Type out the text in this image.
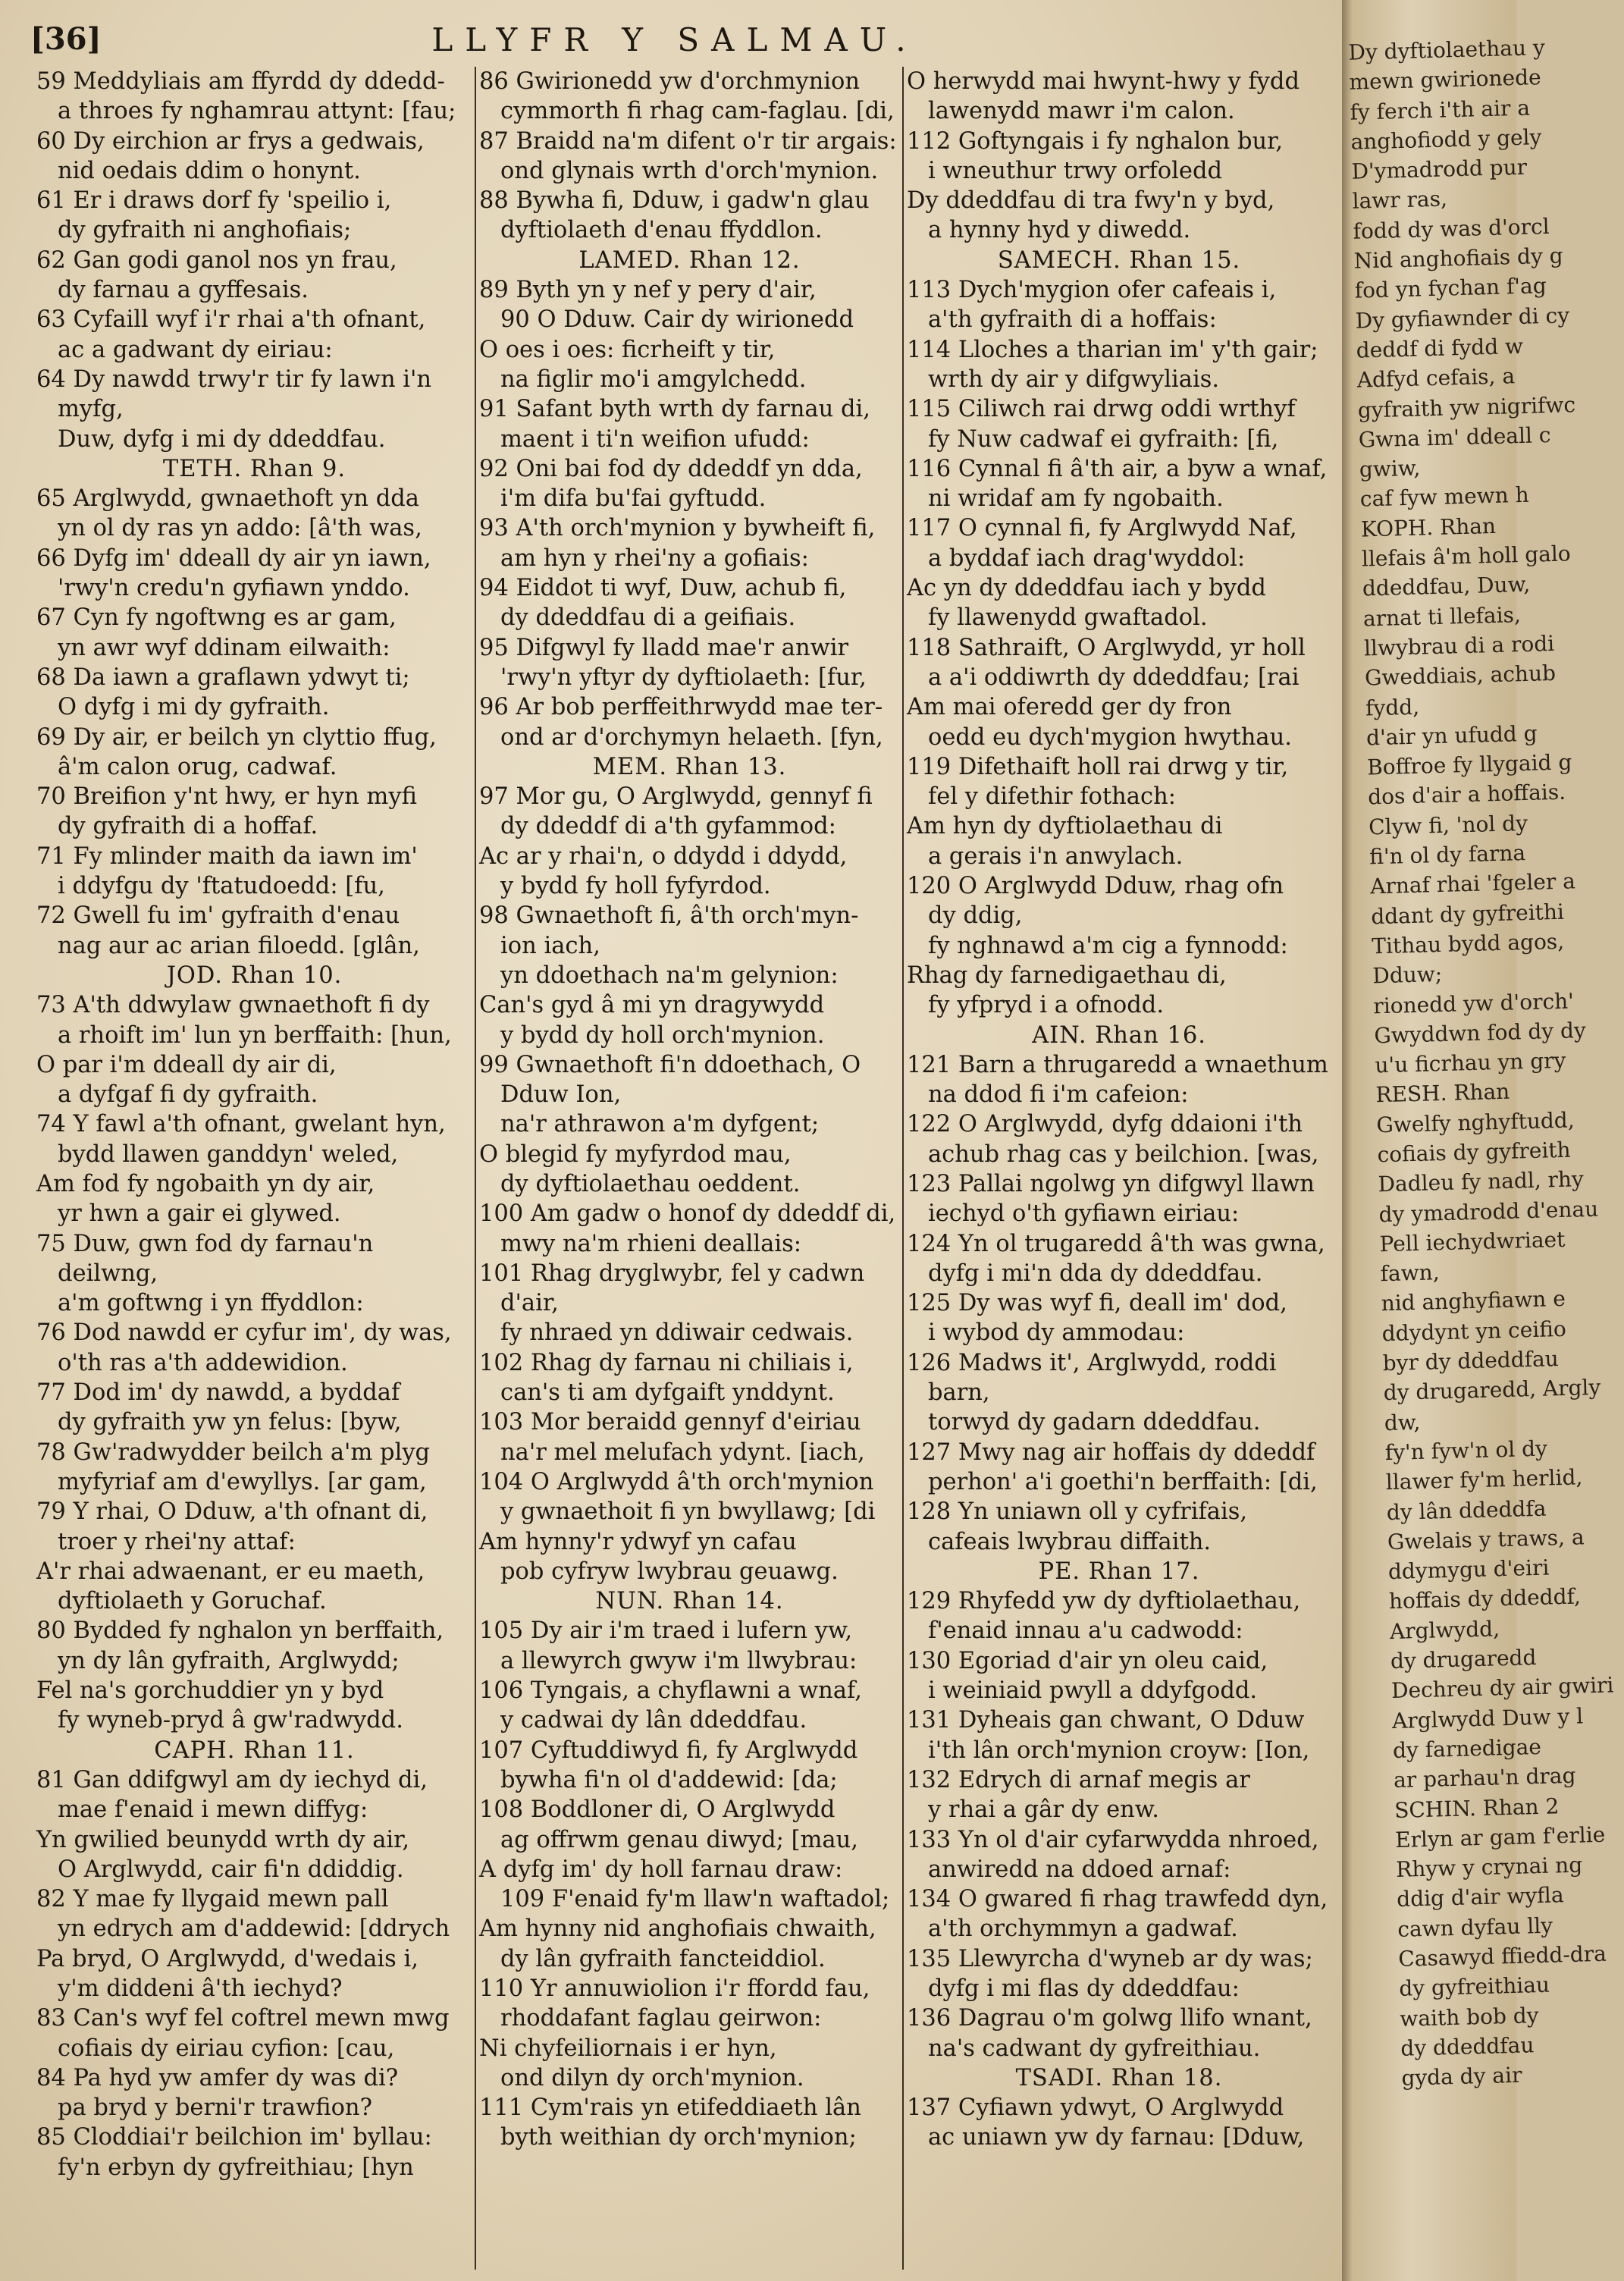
[36]	LLYFR Y SALMAU.
59 Meddyliais am ffyrdd dy ddedd-
a throes fy nghamrau attynt: [fau;
60 Dy eirchion ar frys a gedwais,
nid oedais ddim o honynt.
61 Er i draws dorf fy 'speilio i,
dy gyfraith ni anghofiais;
62 Gan godi ganol nos yn frau,
dy farnau a gyffesais.
63 Cyfaill wyf i'r rhai a'th ofnant,
ac a gadwant dy eiriau:
64 Dy nawdd trwy'r tir fy lawn i'n
myfg,
Duw, dyfg i mi dy ddeddfau.
TETH. Rhan 9.
65 Arglwydd, gwnaethoft yn dda
yn ol dy ras yn addo: [â'th was,
66 Dyfg im' ddeall dy air yn iawn,
'rwy'n credu'n gyfiawn ynddo.
67 Cyn fy ngoftwng es ar gam,
yn awr wyf ddinam eilwaith:
68 Da iawn a graflawn ydwyt ti;
O dyfg i mi dy gyfraith.
69 Dy air, er beilch yn clyttio ffug,
â'm calon orug, cadwaf.
70 Breifion y'nt hwy, er hyn myfi
dy gyfraith di a hoffaf.
71 Fy mlinder maith da iawn im'
i ddyfgu dy 'ftatudoedd: [fu,
72 Gwell fu im' gyfraith d'enau
nag aur ac arian filoedd. [glân,
JOD. Rhan 10.
73 A'th ddwylaw gwnaethoft fi dy
a rhoift im' lun yn berffaith: [hun,
O par i'm ddeall dy air di,
a dyfgaf fi dy gyfraith.
74 Y fawl a'th ofnant, gwelant hyn,
bydd llawen ganddyn' weled,
Am fod fy ngobaith yn dy air,
yr hwn a gair ei glywed.
75 Duw, gwn fod dy farnau'n
deilwng,
a'm goftwng i yn ffyddlon:
76 Dod nawdd er cyfur im', dy was,
o'th ras a'th addewidion.
77 Dod im' dy nawdd, a byddaf
dy gyfraith yw yn felus: [byw,
78 Gw'radwydder beilch a'm plyg
myfyriaf am d'ewyllys. [ar gam,
79 Y rhai, O Dduw, a'th ofnant di,
troer y rhei'ny attaf:
A'r rhai adwaenant, er eu maeth,
dyftiolaeth y Goruchaf.
80 Bydded fy nghalon yn berffaith,
yn dy lân gyfraith, Arglwydd;
Fel na's gorchuddier yn y byd
fy wyneb-pryd â gw'radwydd.
CAPH. Rhan 11.
81 Gan ddifgwyl am dy iechyd di,
mae f'enaid i mewn diffyg:
Yn gwilied beunydd wrth dy air,
O Arglwydd, cair fi'n ddiddig.
82 Y mae fy llygaid mewn pall
yn edrych am d'addewid: [ddrych
Pa bryd, O Arglwydd, d'wedais i,
y'm diddeni â'th iechyd?
83 Can's wyf fel coftrel mewn mwg
cofiais dy eiriau cyfion: [cau,
84 Pa hyd yw amfer dy was di?
pa bryd y berni'r trawfion?
85 Cloddiai'r beilchion im' byllau:
fy'n erbyn dy gyfreithiau; [hyn
86 Gwirionedd yw d'orchmynion
cymmorth fi rhag cam-faglau. [di,
87 Braidd na'm difent o'r tir argais:
ond glynais wrth d'orch'mynion.
88 Bywha fi, Dduw, i gadw'n glau
dyftiolaeth d'enau ffyddlon.
LAMED. Rhan 12.
89 Byth yn y nef y pery d'air,
90 O Dduw. Cair dy wirionedd
O oes i oes: ficrheift y tir,
na figlir mo'i amgylchedd.
91 Safant byth wrth dy farnau di,
maent i ti'n weifion ufudd:
92 Oni bai fod dy ddeddf yn dda,
i'm difa bu'fai gyftudd.
93 A'th orch'mynion y bywheift fi,
am hyn y rhei'ny a gofiais:
94 Eiddot ti wyf, Duw, achub fi,
dy ddeddfau di a geifiais.
95 Difgwyl fy lladd mae'r anwir
'rwy'n yftyr dy dyftiolaeth: [fur,
96 Ar bob perffeithrwydd mae ter-
ond ar d'orchymyn helaeth. [fyn,
MEM. Rhan 13.
97 Mor gu, O Arglwydd, gennyf fi
dy ddeddf di a'th gyfammod:
Ac ar y rhai'n, o ddydd i ddydd,
y bydd fy holl fyfyrdod.
98 Gwnaethoft fi, â'th orch'myn-
ion iach,
yn ddoethach na'm gelynion:
Can's gyd â mi yn dragywydd
y bydd dy holl orch'mynion.
99 Gwnaethoft fi'n ddoethach, O
Dduw Ion,
na'r athrawon a'm dyfgent;
O blegid fy myfyrdod mau,
dy dyftiolaethau oeddent.
100 Am gadw o honof dy ddeddf di,
mwy na'm rhieni deallais:
101 Rhag dryglwybr, fel y cadwn
d'air,
fy nhraed yn ddiwair cedwais.
102 Rhag dy farnau ni chiliais i,
can's ti am dyfgaift ynddynt.
103 Mor beraidd gennyf d'eiriau
na'r mel melufach ydynt. [iach,
104 O Arglwydd â'th orch'mynion
y gwnaethoit fi yn bwyllawg; [di
Am hynny'r ydwyf yn cafau
pob cyfryw lwybrau geuawg.
NUN. Rhan 14.
105 Dy air i'm traed i lufern yw,
a llewyrch gwyw i'm llwybrau:
106 Tyngais, a chyflawni a wnaf,
y cadwai dy lân ddeddfau.
107 Cyftuddiwyd fi, fy Arglwydd
bywha fi'n ol d'addewid: [da;
108 Boddloner di, O Arglwydd
ag offrwm genau diwyd; [mau,
A dyfg im' dy holl farnau draw:
109 F'enaid fy'm llaw'n waftadol;
Am hynny nid anghofiais chwaith,
dy lân gyfraith fancteiddiol.
110 Yr annuwiolion i'r ffordd fau,
rhoddafant faglau geirwon:
Ni chyfeiliornais i er hyn,
ond dilyn dy orch'mynion.
111 Cym'rais yn etifeddiaeth lân
byth weithian dy orch'mynion;
O herwydd mai hwynt-hwy y fydd
lawenydd mawr i'm calon.
112 Goftyngais i fy nghalon bur,
i wneuthur trwy orfoledd
Dy ddeddfau di tra fwy'n y byd,
a hynny hyd y diwedd.
SAMECH. Rhan 15.
113 Dych'mygion ofer cafeais i,
a'th gyfraith di a hoffais:
114 Lloches a tharian im' y'th gair;
wrth dy air y difgwyliais.
115 Ciliwch rai drwg oddi wrthyf
fy Nuw cadwaf ei gyfraith: [fi,
116 Cynnal fi â'th air, a byw a wnaf,
ni wridaf am fy ngobaith.
117 O cynnal fi, fy Arglwydd Naf,
a byddaf iach drag'wyddol:
Ac yn dy ddeddfau iach y bydd
fy llawenydd gwaftadol.
118 Sathraift, O Arglwydd, yr holl
a a'i oddiwrth dy ddeddfau; [rai
Am mai oferedd ger dy fron
oedd eu dych'mygion hwythau.
119 Difethaift holl rai drwg y tir,
fel y difethir fothach:
Am hyn dy dyftiolaethau di
a gerais i'n anwylach.
120 O Arglwydd Dduw, rhag ofn
dy ddig,
fy nghnawd a'm cig a fynnodd:
Rhag dy farnedigaethau di,
fy yfpryd i a ofnodd.
AIN. Rhan 16.
121 Barn a thrugaredd a wnaethum
na ddod fi i'm cafeion:
122 O Arglwydd, dyfg ddaioni i'th
achub rhag cas y beilchion. [was,
123 Pallai ngolwg yn difgwyl llawn
iechyd o'th gyfiawn eiriau:
124 Yn ol trugaredd â'th was gwna,
dyfg i mi'n dda dy ddeddfau.
125 Dy was wyf fi, deall im' dod,
i wybod dy ammodau:
126 Madws it', Arglwydd, roddi
barn,
torwyd dy gadarn ddeddfau.
127 Mwy nag air hoffais dy ddeddf
perhon' a'i goethi'n berffaith: [di,
128 Yn uniawn oll y cyfrifais,
cafeais lwybrau diffaith.
PE. Rhan 17.
129 Rhyfedd yw dy dyftiolaethau,
f'enaid innau a'u cadwodd:
130 Egoriad d'air yn oleu caid,
i weiniaid pwyll a ddyfgodd.
131 Dyheais gan chwant, O Dduw
i'th lân orch'mynion croyw: [Ion,
132 Edrych di arnaf megis ar
y rhai a gâr dy enw.
133 Yn ol d'air cyfarwydda nhroed,
anwiredd na ddoed arnaf:
134 O gwared fi rhag trawfedd dyn,
a'th orchymmyn a gadwaf.
135 Llewyrcha d'wyneb ar dy was;
dyfg i mi flas dy ddeddfau:
136 Dagrau o'm golwg llifo wnant,
na's cadwant dy gyfreithiau.
TSADI. Rhan 18.
137 Cyfiawn ydwyt, O Arglwydd
ac uniawn yw dy farnau: [Dduw,
Dy dyftiolaethau y
mewn gwirionede
fy ferch i'th air a
anghofiodd y gely
D'ymadrodd pur
lawr ras,
fodd dy was d'orcl
Nid anghofiais dy g
fod yn fychan f'ag
Dy gyfiawnder di cy
deddf di fydd w
Adfyd cefais, a
gyfraith yw nigrifwc
Gwna im' ddeall c
gwiw,
caf fyw mewn h
KOPH. Rhan
llefais â'm holl galo
ddeddfau, Duw,
arnat ti llefais,
llwybrau di a rodi
Gweddiais, achub
fydd,
d'air yn ufudd g
Boffroe fy llygaid g
dos d'air a hoffais.
Clyw fi, 'nol dy
fi'n ol dy farna
Arnaf rhai 'fgeler a
ddant dy gyfreithi
Tithau bydd agos,
Dduw;
rionedd yw d'orch'
Gwyddwn fod dy dy
u'u ficrhau yn gry
RESH. Rhan
Gwelfy nghyftudd,
cofiais dy gyfreith
Dadleu fy nadl, rhy
dy ymadrodd d'enau
Pell iechydwriaet
fawn,
nid anghyfiawn e
ddydynt yn ceifio
byr dy ddeddfau
dy drugaredd, Argly
dw,
fy'n fyw'n ol dy
llawer fy'm herlid,
dy lân ddeddfa
Gwelais y traws, a
ddymygu d'eiri
hoffais dy ddeddf,
Arglwydd,
dy drugaredd
Dechreu dy air gwiri
Arglwydd Duw y l
dy farnedigae
ar parhau'n drag
SCHIN. Rhan 2
Erlyn ar gam f'erlie
Rhyw y crynai ng
ddig d'air wyfla
cawn dyfau lly
Casawyd ffiedd-dra
dy gyfreithiau
waith bob dy
dy ddeddfau
gyda dy air
